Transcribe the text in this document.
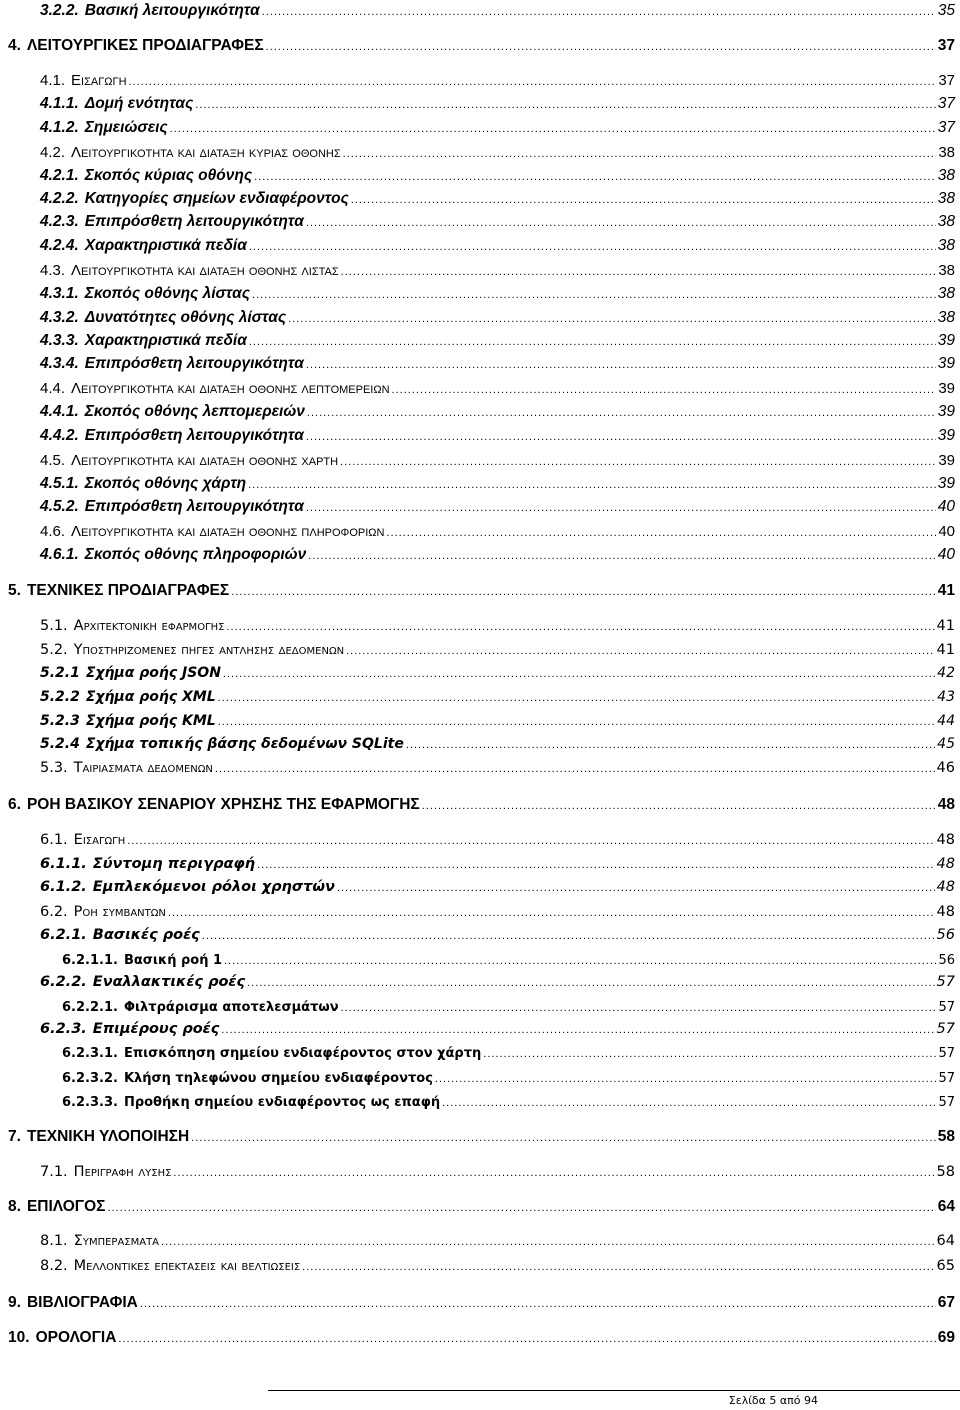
3.2.2. Βασική λειτουργικότητα .....	35
4. ΛΕΙΤΟΥΡΓΙΚΕΣ ΠΡΟΔΙΑΓΡΑΦΕΣ .....	37
4.1. Εισαγωγη .....	37
4.1.1. Δομή ενότητας .....	37
4.1.2. Σημειώσεις .....	37
4.2. Λειτουργικοτητα και διαταξη κυριας οθονης .....	38
4.2.1. Σκοπός κύριας οθόνης .....	38
4.2.2. Κατηγορίες σημείων ενδιαφέροντος .....	38
4.2.3. Επιπρόσθετη λειτουργικότητα .....	38
4.2.4. Χαρακτηριστικά πεδία .....	38
4.3. Λειτουργικοτητα και διαταξη οθονης λιστας .....	38
4.3.1. Σκοπός οθόνης λίστας .....	38
4.3.2. Δυνατότητες οθόνης λίστας .....	38
4.3.3. Χαρακτηριστικά πεδία .....	39
4.3.4. Επιπρόσθετη λειτουργικότητα .....	39
4.4. Λειτουργικοτητα και διαταξη οθονης λεπτομερειων .....	39
4.4.1. Σκοπός οθόνης λεπτομερειών .....	39
4.4.2. Επιπρόσθετη λειτουργικότητα .....	39
4.5. Λειτουργικοτητα και διαταξη οθονης χαρτη .....	39
4.5.1. Σκοπός οθόνης χάρτη .....	39
4.5.2. Επιπρόσθετη λειτουργικότητα .....	40
4.6. Λειτουργικοτητα και διαταξη οθονης πληροφοριων .....	40
4.6.1. Σκοπός οθόνης πληροφοριών .....	40
5. ΤΕΧΝΙΚΕΣ ΠΡΟΔΙΑΓΡΑΦΕΣ .....	41
5.1. Αρχιτεκτονικη εφαρμογης .....	41
5.2. Υποστηριζομενες πηγες αντλησης δεδομενων .....	41
5.2.1 Σχήμα ροής JSON .....	42
5.2.2 Σχήμα ροής XML .....	43
5.2.3 Σχήμα ροής KML .....	44
5.2.4 Σχήμα τοπικής βάσης δεδομένων SQLite .....	45
5.3. Ταιριασματα δεδομενων .....	46
6. ΡΟΗ ΒΑΣΙΚΟΥ ΣΕΝΑΡΙΟΥ ΧΡΗΣΗΣ ΤΗΣ ΕΦΑΡΜΟΓΗΣ .....	48
6.1. Εισαγωγη .....	48
6.1.1. Σύντομη περιγραφή .....	48
6.1.2. Εμπλεκόμενοι ρόλοι χρηστών .....	48
6.2. Ροη συμβαντων .....	48
6.2.1. Βασικές ροές .....	56
6.2.1.1. Βασική ροή 1 .....	56
6.2.2. Εναλλακτικές ροές .....	57
6.2.2.1. Φιλτράρισμα αποτελεσμάτων .....	57
6.2.3. Επιμέρους ροές .....	57
6.2.3.1. Επισκόπηση σημείου ενδιαφέροντος στον χάρτη .....	57
6.2.3.2. Κλήση τηλεφώνου σημείου ενδιαφέροντος .....	57
6.2.3.3. Προθήκη σημείου ενδιαφέροντος ως επαφή .....	57
7. ΤΕΧΝΙΚΗ ΥΛΟΠΟΙΗΣΗ .....	58
7.1. Περιγραφη λυσης .....	58
8. ΕΠΙΛΟΓΟΣ .....	64
8.1. Συμπερασματα .....	64
8.2. Μελλοντικες επεκτασεις και βελτιωσεις .....	65
9. ΒΙΒΛΙΟΓΡΑΦΙΑ .....	67
10. ΟΡΟΛΟΓΙΑ .....	69
Σελίδα 5 από 94
